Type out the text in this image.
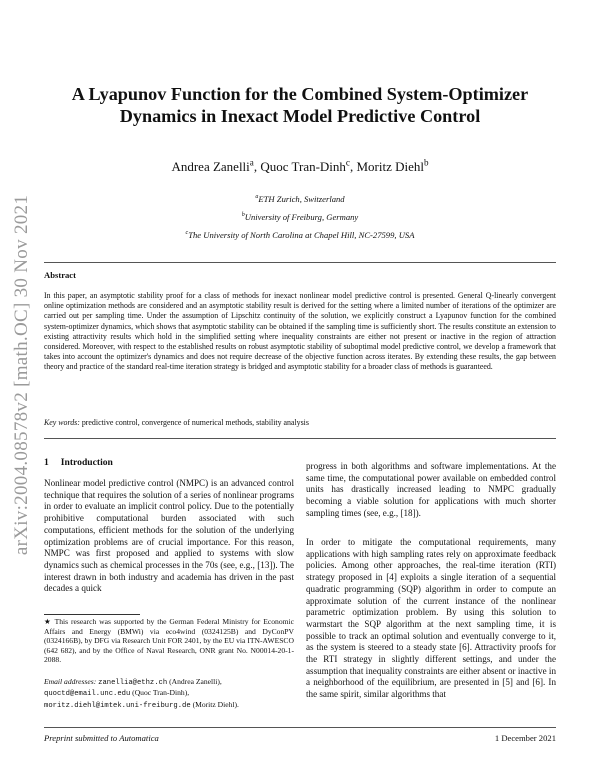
arXiv:2004.08578v2 [math.OC] 30 Nov 2021
A Lyapunov Function for the Combined System-Optimizer Dynamics in Inexact Model Predictive Control
Andrea Zanelli$^a$, Quoc Tran-Dinh$^c$, Moritz Diehl$^b$
$^a$ETH Zurich, Switzerland
$^b$University of Freiburg, Germany
$^c$The University of North Carolina at Chapel Hill, NC-27599, USA
Abstract

In this paper, an asymptotic stability proof for a class of methods for inexact nonlinear model predictive control is presented. General Q-linearly convergent online optimization methods are considered and an asymptotic stability result is derived for the setting where a limited number of iterations of the optimizer are carried out per sampling time. Under the assumption of Lipschitz continuity of the solution, we explicitly construct a Lyapunov function for the combined system-optimizer dynamics, which shows that asymptotic stability can be obtained if the sampling time is sufficiently short. The results constitute an extension to existing attractivity results which hold in the simplified setting where inequality constraints are either not present or inactive in the region of attraction considered. Moreover, with respect to the established results on robust asymptotic stability of suboptimal model predictive control, we develop a framework that takes into account the optimizer's dynamics and does not require decrease of the objective function across iterates. By extending these results, the gap between theory and practice of the standard real-time iteration strategy is bridged and asymptotic stability for a broader class of methods is guaranteed.

Key words: predictive control, convergence of numerical methods, stability analysis
1 Introduction

Nonlinear model predictive control (NMPC) is an advanced control technique that requires the solution of a series of nonlinear programs in order to evaluate an implicit control policy. Due to the potentially prohibitive computational burden associated with such computations, efficient methods for the solution of the underlying optimization problems are of crucial importance. For this reason, NMPC was first proposed and applied to systems with slow dynamics such as chemical processes in the 70s (see, e.g., [13]). The interest drawn in both industry and academia has driven in the past decades a quick

progress in both algorithms and software implementations. At the same time, the computational power available on embedded control units has drastically increased leading to NMPC gradually becoming a viable solution for applications with much shorter sampling times (see, e.g., [18]).

In order to mitigate the computational requirements, many applications with high sampling rates rely on approximate feedback policies. Among other approaches, the real-time iteration (RTI) strategy proposed in [4] exploits a single iteration of a sequential quadratic programming (SQP) algorithm in order to compute an approximate solution of the current instance of the nonlinear parametric optimization problem. By using this solution to warmstart the SQP algorithm at the next sampling time, it is possible to track an optimal solution and eventually converge to it, as the system is steered to a steady state [6]. Attractivity proofs for the RTI strategy in slightly different settings, and under the assumption that inequality constraints are either absent or inactive in a neighborhood of the equilibrium, are presented in [5] and [6]. In the same spirit, similar algorithms that

★ This research was supported by the German Federal Ministry for Economic Affairs and Energy (BMWi) via eco4wind (0324125B) and DyConPV (0324166B), by DFG via Research Unit FOR 2401, by the EU via ITN-AWESCO (642 682), and by the Office of Naval Research, ONR grant No. N00014-20-1-2088.

Email addresses: zanellia@ethz.ch (Andrea Zanelli),
quoctd@email.unc.edu (Quoc Tran-Dinh),
moritz.diehl@imtek.uni-freiburg.de (Moritz Diehl).
Preprint submitted to Automatica	1 December 2021
